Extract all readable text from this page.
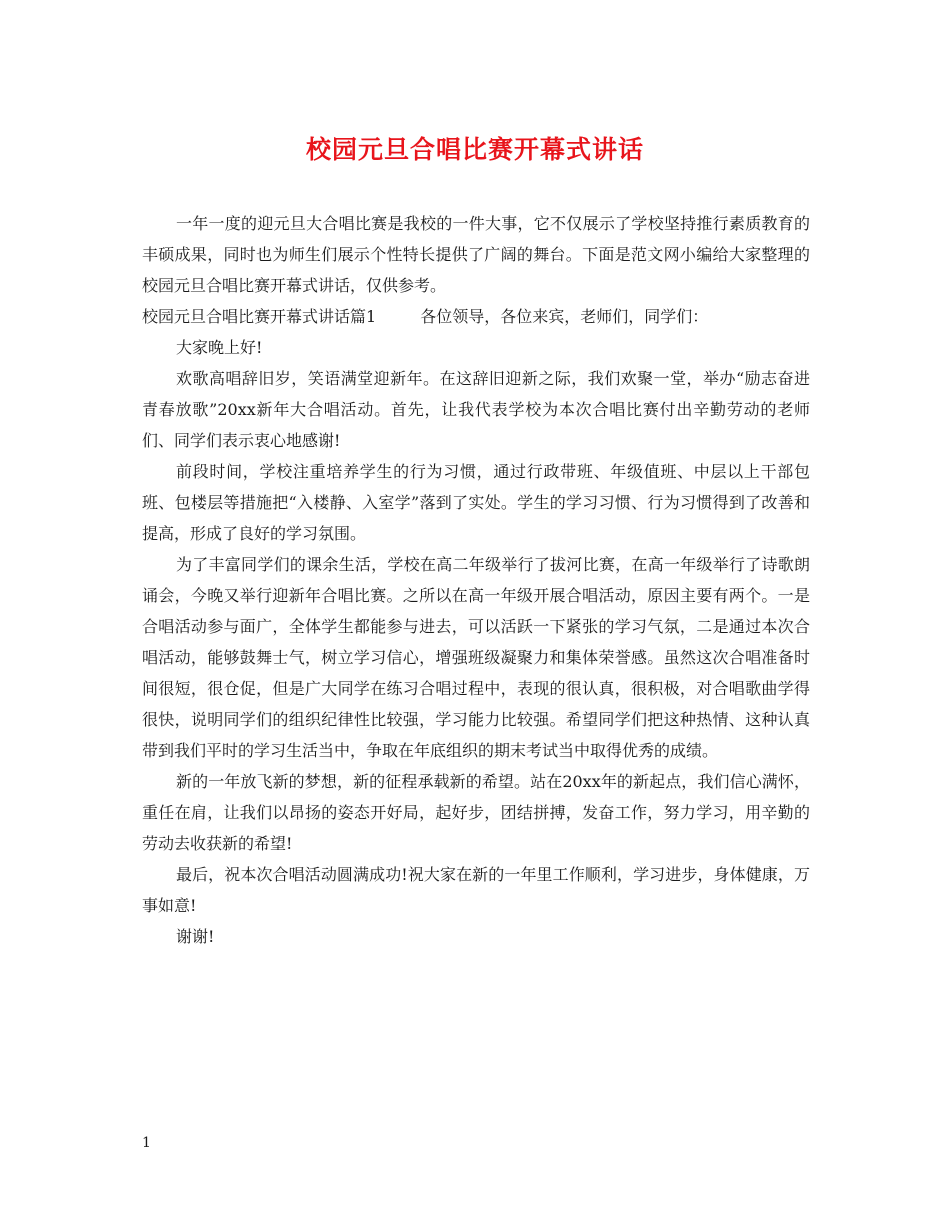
校园元旦合唱比赛开幕式讲话

一年一度的迎元旦大合唱比赛是我校的一件大事，它不仅展示了学校坚持推行素质教育的丰硕成果，同时也为师生们展示个性特长提供了广阔的舞台。下面是范文网小编给大家整理的校园元旦合唱比赛开幕式讲话，仅供参考。

校园元旦合唱比赛开幕式讲话篇1	各位领导，各位来宾，老师们，同学们：

大家晚上好!

欢歌高唱辞旧岁，笑语满堂迎新年。在这辞旧迎新之际，我们欢聚一堂，举办“励志奋进 青春放歌”20xx新年大合唱活动。首先，让我代表学校为本次合唱比赛付出辛勤劳动的老师们、同学们表示衷心地感谢!

前段时间，学校注重培养学生的行为习惯，通过行政带班、年级值班、中层以上干部包班、包楼层等措施把“入楼静、入室学”落到了实处。学生的学习习惯、行为习惯得到了改善和提高，形成了良好的学习氛围。

为了丰富同学们的课余生活，学校在高二年级举行了拔河比赛，在高一年级举行了诗歌朗诵会，今晚又举行迎新年合唱比赛。之所以在高一年级开展合唱活动，原因主要有两个。一是合唱活动参与面广，全体学生都能参与进去，可以活跃一下紧张的学习气氛，二是通过本次合唱活动，能够鼓舞士气，树立学习信心，增强班级凝聚力和集体荣誉感。虽然这次合唱准备时间很短，很仓促，但是广大同学在练习合唱过程中，表现的很认真，很积极，对合唱歌曲学得很快，说明同学们的组织纪律性比较强，学习能力比较强。希望同学们把这种热情、这种认真带到我们平时的学习生活当中，争取在年底组织的期末考试当中取得优秀的成绩。

新的一年放飞新的梦想，新的征程承载新的希望。站在20xx年的新起点，我们信心满怀，重任在肩，让我们以昂扬的姿态开好局，起好步，团结拼搏，发奋工作，努力学习，用辛勤的劳动去收获新的希望!

最后，祝本次合唱活动圆满成功!祝大家在新的一年里工作顺利，学习进步，身体健康，万事如意!

谢谢!

1
